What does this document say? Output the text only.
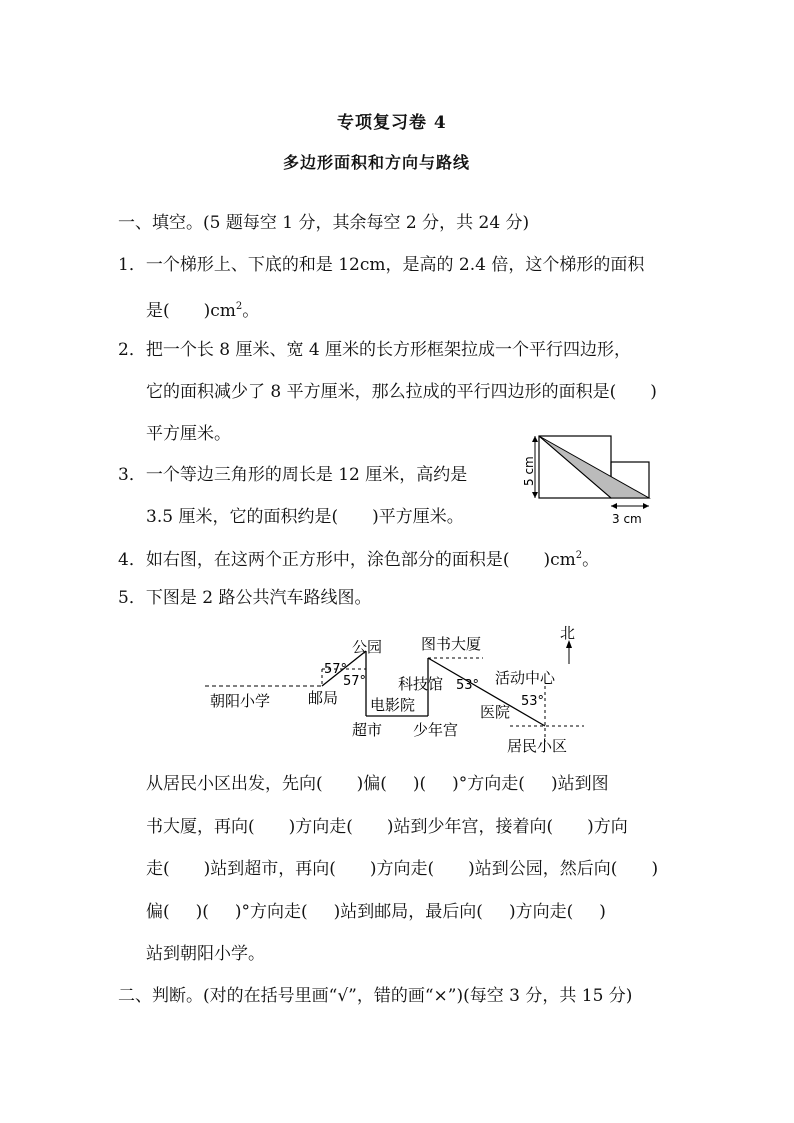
专项复习卷 4
多边形面积和方向与路线
一、填空。(5 题每空 1 分，其余每空 2 分，共 24 分)
1．一个梯形上、下底的和是 12cm，是高的 2.4 倍，这个梯形的面积
是( )$cm^2$。
2．把一个长 8 厘米、宽 4 厘米的长方形框架拉成一个平行四边形，
它的面积减少了 8 平方厘米，那么拉成的平行四边形的面积是( )
平方厘米。
3．一个等边三角形的周长是 12 厘米，高约是
3.5 厘米，它的面积约是( )平方厘米。
5 cm
3 cm
4．如右图，在这两个正方形中，涂色部分的面积是( )$cm^2$。
5．下图是 2 路公共汽车路线图。
北
公园	图书大厦
活动中心
朝阳小学	邮局
科技馆
电影院	医院
超市 少年宫
居民小区
57°
57°	53°
53°
从居民小区出发，先向( )偏( )( )°方向走( )站到图
书大厦，再向( )方向走( )站到少年宫，接着向( )方向
走( )站到超市，再向( )方向走( )站到公园，然后向( )
偏( )( )°方向走( )站到邮局，最后向( )方向走( )
站到朝阳小学。
二、判断。(对的在括号里画“√”，错的画“×”)(每空 3 分，共 15 分)
